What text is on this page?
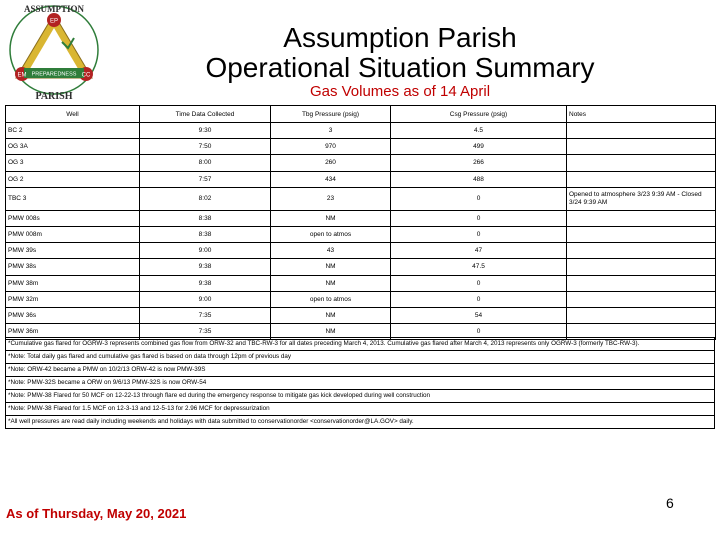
EP
EM	CC
PREPAREDNESS
ASSUMPTION
PARISH
Assumption Parish
Operational Situation Summary
Gas Volumes as of 14 April
Well	Time Data Collected	Tbg Pressure (psig)	Csg Pressure (psig)	Notes
BC 2	9:30	3	4.5	
OG 3A	7:50	970	499	
OG 3	8:00	260	266	
OG 2	7:57	434	488	
TBC 3	8:02	23	0	Opened to atmosphere 3/23 9:39 AM - Closed 3/24 9:39 AM
PMW 008s	8:38	NM	0	
PMW 008m	8:38	open to atmos	0	
PMW 39s	9:00	43	47	
PMW 38s	9:38	NM	47.5	
PMW 38m	9:38	NM	0	
PMW 32m	9:00	open to atmos	0	
PMW 36s	7:35	NM	54	
PMW 36m	7:35	NM	0	
*Cumulative gas flared for OGRW-3 represents combined gas flow from ORW-32 and TBC-RW-3 for all dates preceding March 4, 2013. Cumulative gas flared after March 4, 2013 represents only OGRW-3 (formerly TBC-RW-3).
*Note: Total daily gas flared and cumulative gas flared is based on data through 12pm of previous day
*Note: ORW-42 became a PMW on 10/2/13 ORW-42 is now PMW-39S
*Note: PMW-32S became a ORW on 9/6/13 PMW-32S is now ORW-54
*Note: PMW-38 Flared for 50 MCF on 12-22-13 through flare ed during the emergency response to mitigate gas kick developed during well construction
*Note: PMW-38 Flared for 1.5 MCF on 12-3-13 and 12-5-13 for 2.96 MCF for depressurization
*All well pressures are read daily including weekends and holidays with data submitted to conservationorder <conservationorder@LA.GOV> daily.
As of Thursday, May 20, 2021
6
